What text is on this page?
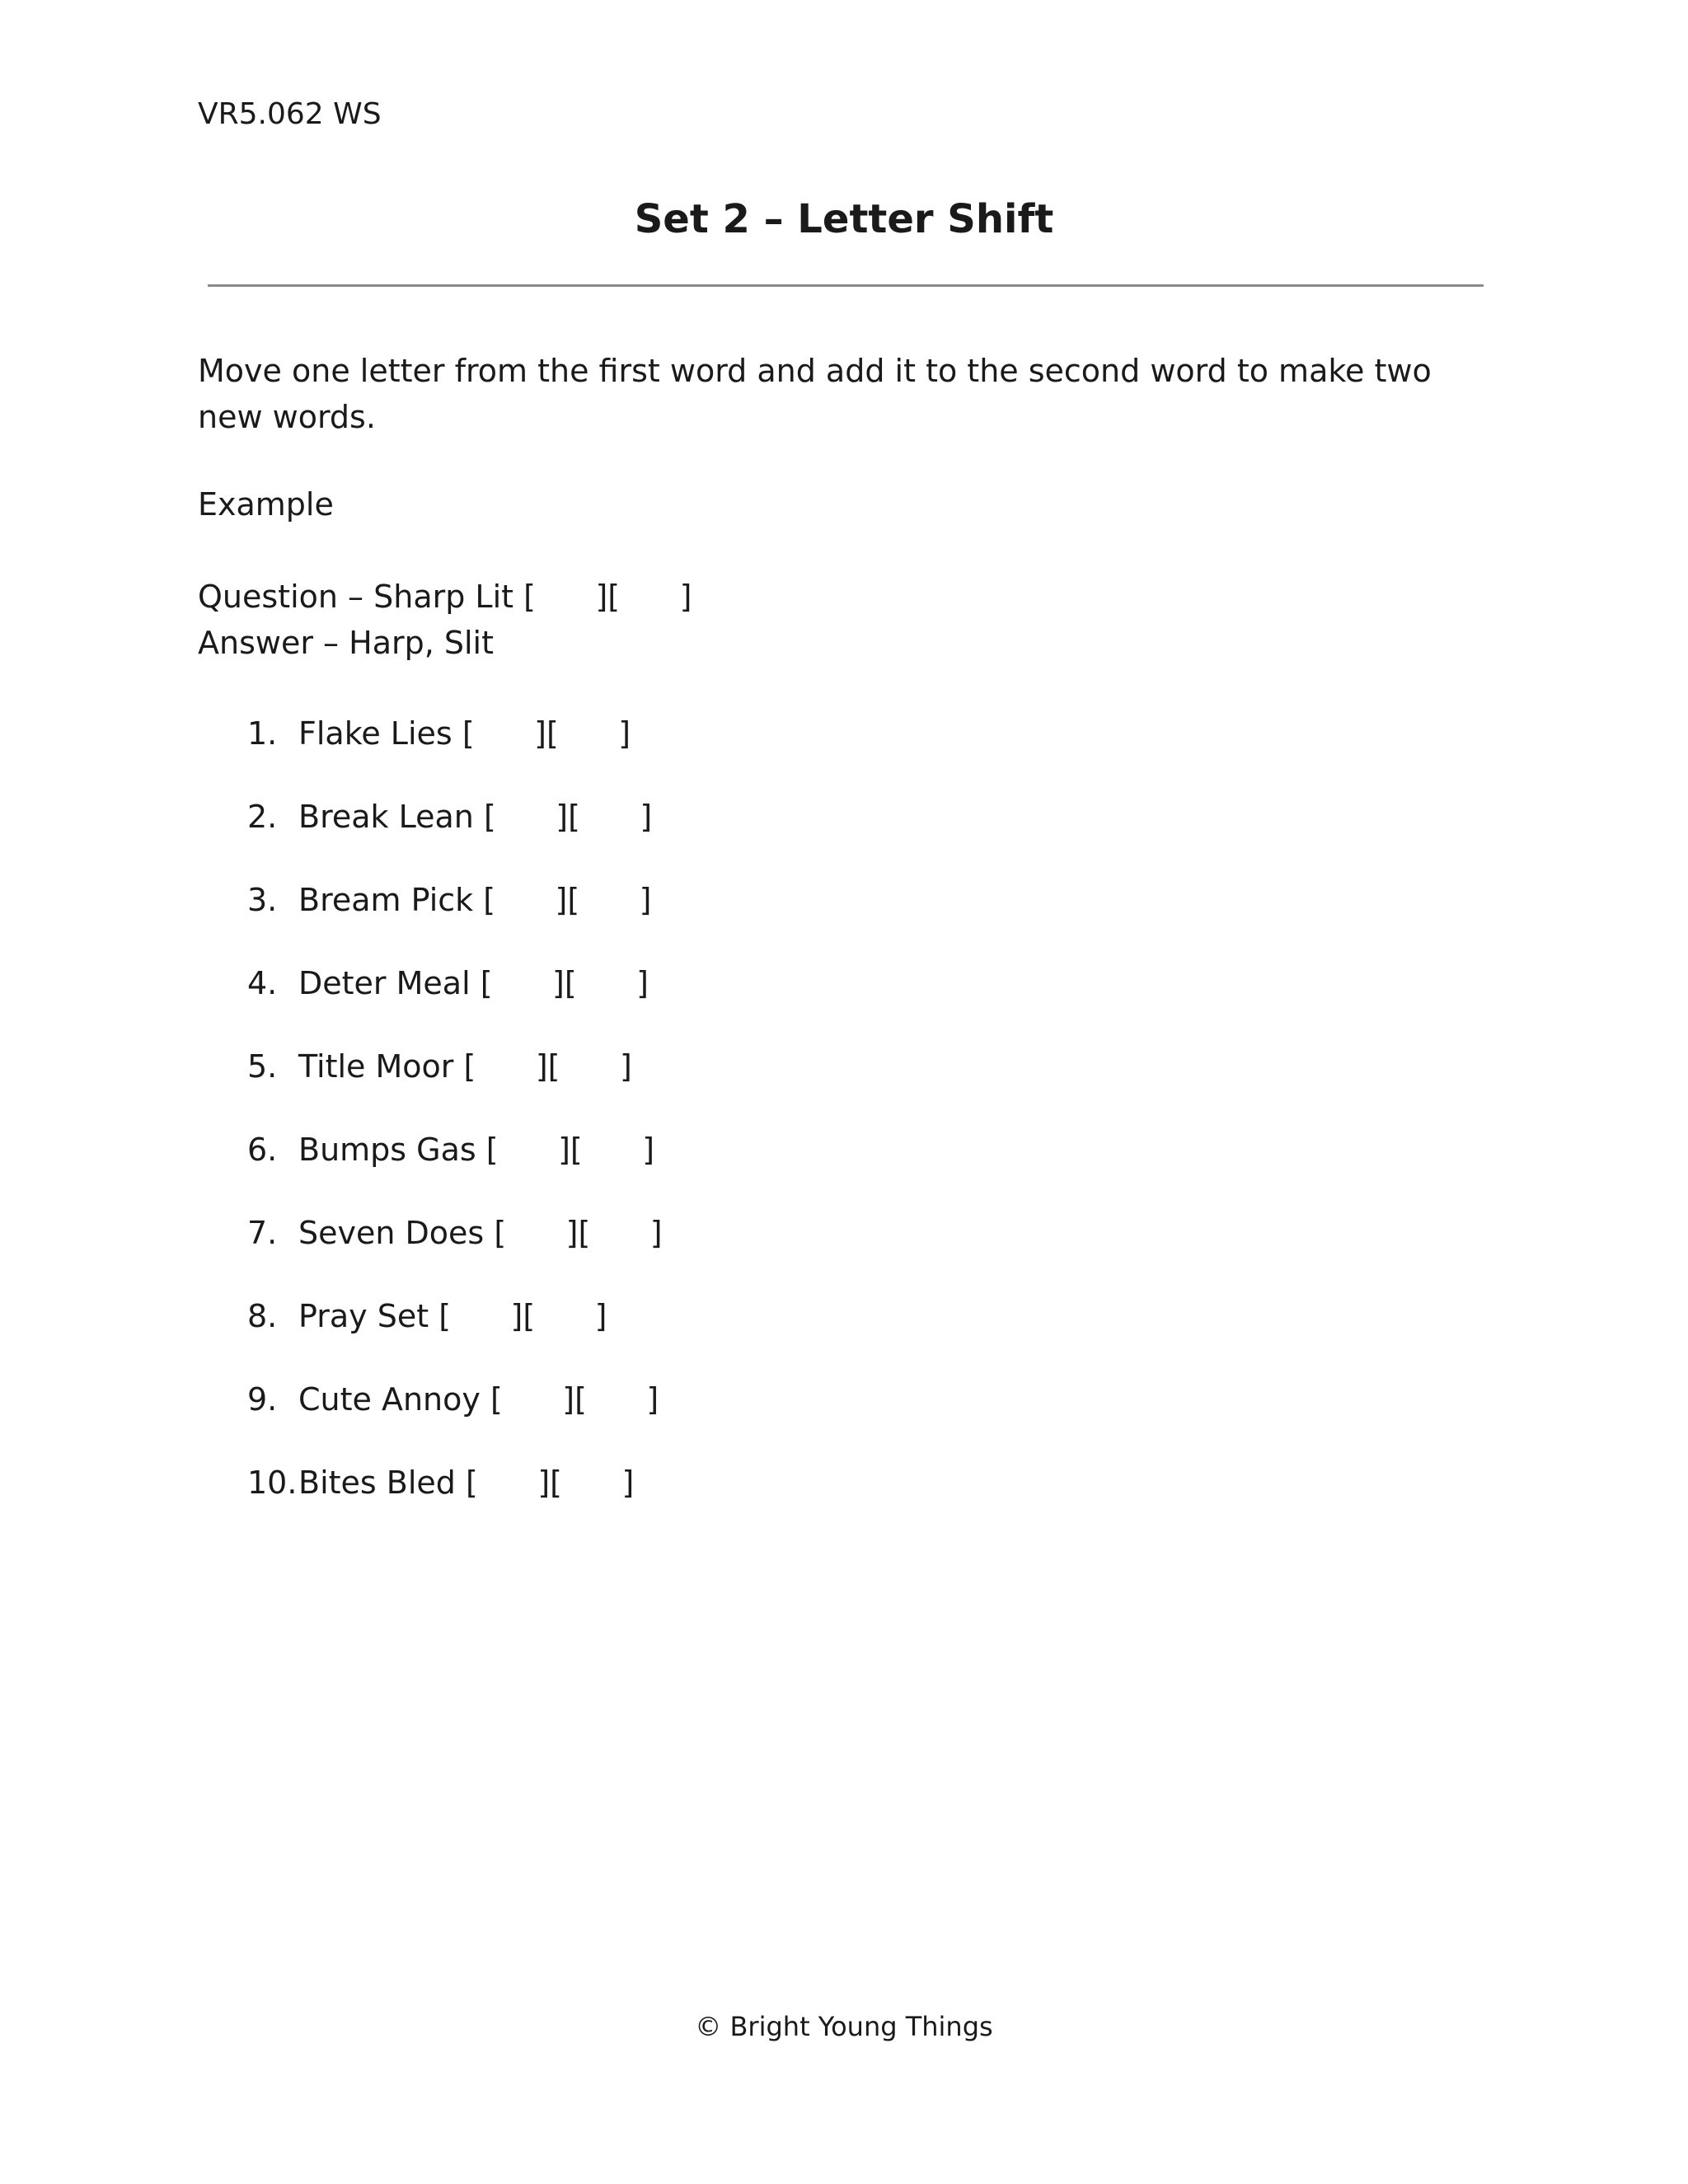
VR5.062 WS
Set 2 – Letter Shift
Move one letter from the first word and add it to the second word to make two new words.
Example
Question – Sharp Lit [      ][      ]
Answer – Harp, Slit
1. Flake Lies
[      ][      ]
2. Break Lean
[      ][      ]
3. Bream Pick
[      ][      ]
4. Deter Meal
[      ][      ]
5. Title Moor
[      ][      ]
6. Bumps Gas
[      ][      ]
7. Seven Does
[      ][      ]
8. Pray Set
[      ][      ]
9. Cute Annoy
[      ][      ]
10. Bites Bled
[      ][      ]
© Bright Young Things
